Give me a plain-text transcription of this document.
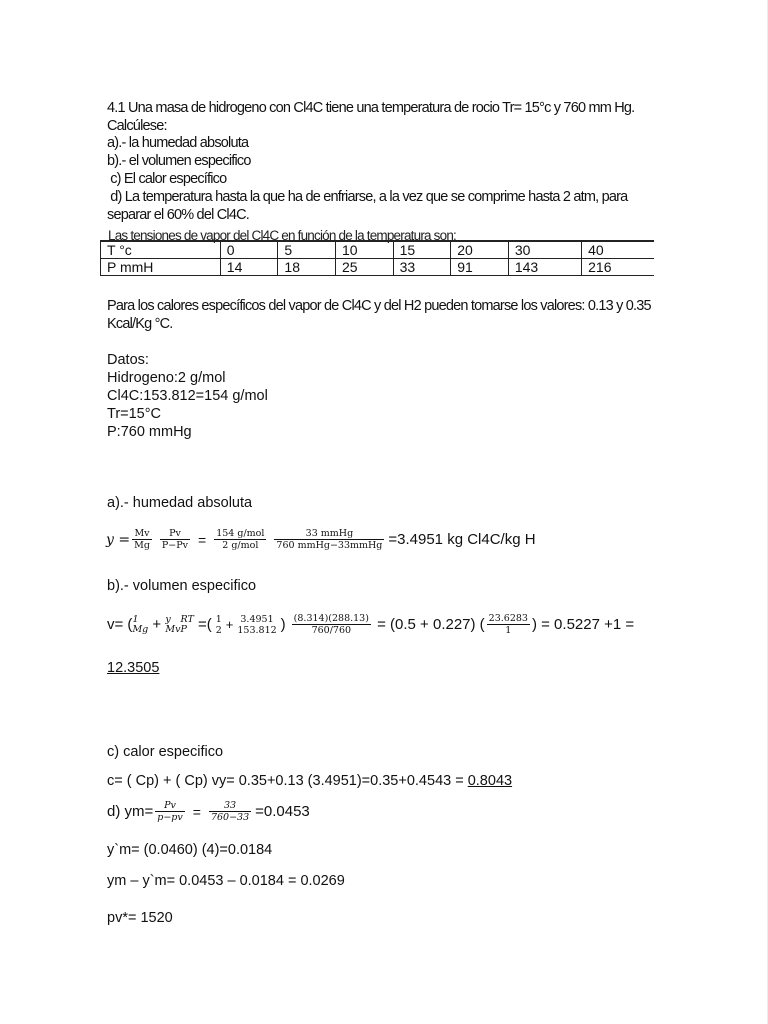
4.1 Una masa de hidrogeno con Cl4C tiene una temperatura de rocio Tr= 15°c y 760 mm Hg.
Calcúlese:
a).- la humedad absoluta
b).- el volumen especifico
c) El calor específico
d) La temperatura hasta la que ha de enfriarse, a la vez que se comprime hasta 2 atm, para
separar el 60% del Cl4C.
Las tensiones de vapor del Cl4C en función de la temperatura son:
T °c	0	5	10	15	20	30	40
P mmH	14	18	25	33	91	143	216
Para los calores específicos del vapor de Cl4C y del H2 pueden tomarse los valores: 0.13 y 0.35
Kcal/Kg °C.
Datos:
Hidrogeno:2 g/mol
Cl4C:153.812=154 g/mol
Tr=15°C
P:760 mmHg
a).- humedad absoluta
$y = \frac{Mv}{Mg} \frac{Pv}{P-Pv} = \frac{\text{154 g/mol}}{\text{2 g/mol}} \frac{\text{33 mmHg}}{\text{760 mmHg−33mmHg}} =3.4951$ kg Cl4C/kg H
b).- volumen especifico
v= ( 1
Mg + y
Mv
RT
P =( 1
2 + 3.4951
153.812 ) $\frac{(8.314)(288.13)}{760/760} = (0.5 + 0.227)$ ( $\frac{23.6283}{1}$ ) = 0.5227 +1 =
12.3505
c) calor especifico
c= ( Cp) + ( Cp) vy= 0.35+0.13 (3.4951)=0.35+0.4543 = 0.8043
d) $ym= \frac{Pv}{p-pv} = \frac{33}{760-33} =0.0453$
y`m= (0.0460) (4)=0.0184
ym – y`m= 0.0453 – 0.0184 = 0.0269
pv*= 1520
